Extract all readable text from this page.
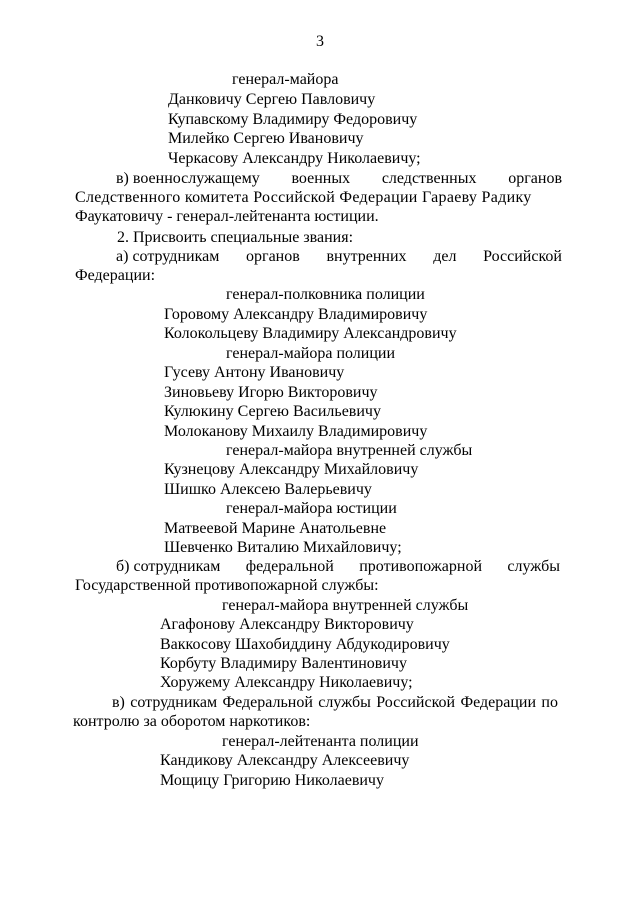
3
генерал-майора
Данковичу Сергею Павловичу
Купавскому Владимиру Федоровичу
Милейко Сергею Ивановичу
Черкасову Александру Николаевичу;
в) военнослужащему военных следственных органов
Следственного комитета Российской Федерации Гараеву Радику
Фаукатовичу - генерал-лейтенанта юстиции.
2. Присвоить специальные звания:
а) сотрудникам органов внутренних дел Российской
Федерации:
генерал-полковника полиции
Горовому Александру Владимировичу
Колокольцеву Владимиру Александровичу
генерал-майора полиции
Гусеву Антону Ивановичу
Зиновьеву Игорю Викторовичу
Кулюкину Сергею Васильевичу
Молоканову Михаилу Владимировичу
генерал-майора внутренней службы
Кузнецову Александру Михайловичу
Шишко Алексею Валерьевичу
генерал-майора юстиции
Матвеевой Марине Анатольевне
Шевченко Виталию Михайловичу;
б) сотрудникам федеральной противопожарной службы
Государственной противопожарной службы:
генерал-майора внутренней службы
Агафонову Александру Викторовичу
Ваккосову Шахобиддину Абдукодировичу
Корбуту Владимиру Валентиновичу
Хоружему Александру Николаевичу;
в) сотрудникам Федеральной службы Российской Федерации по
контролю за оборотом наркотиков:
генерал-лейтенанта полиции
Кандикову Александру Алексеевичу
Мощицу Григорию Николаевичу
